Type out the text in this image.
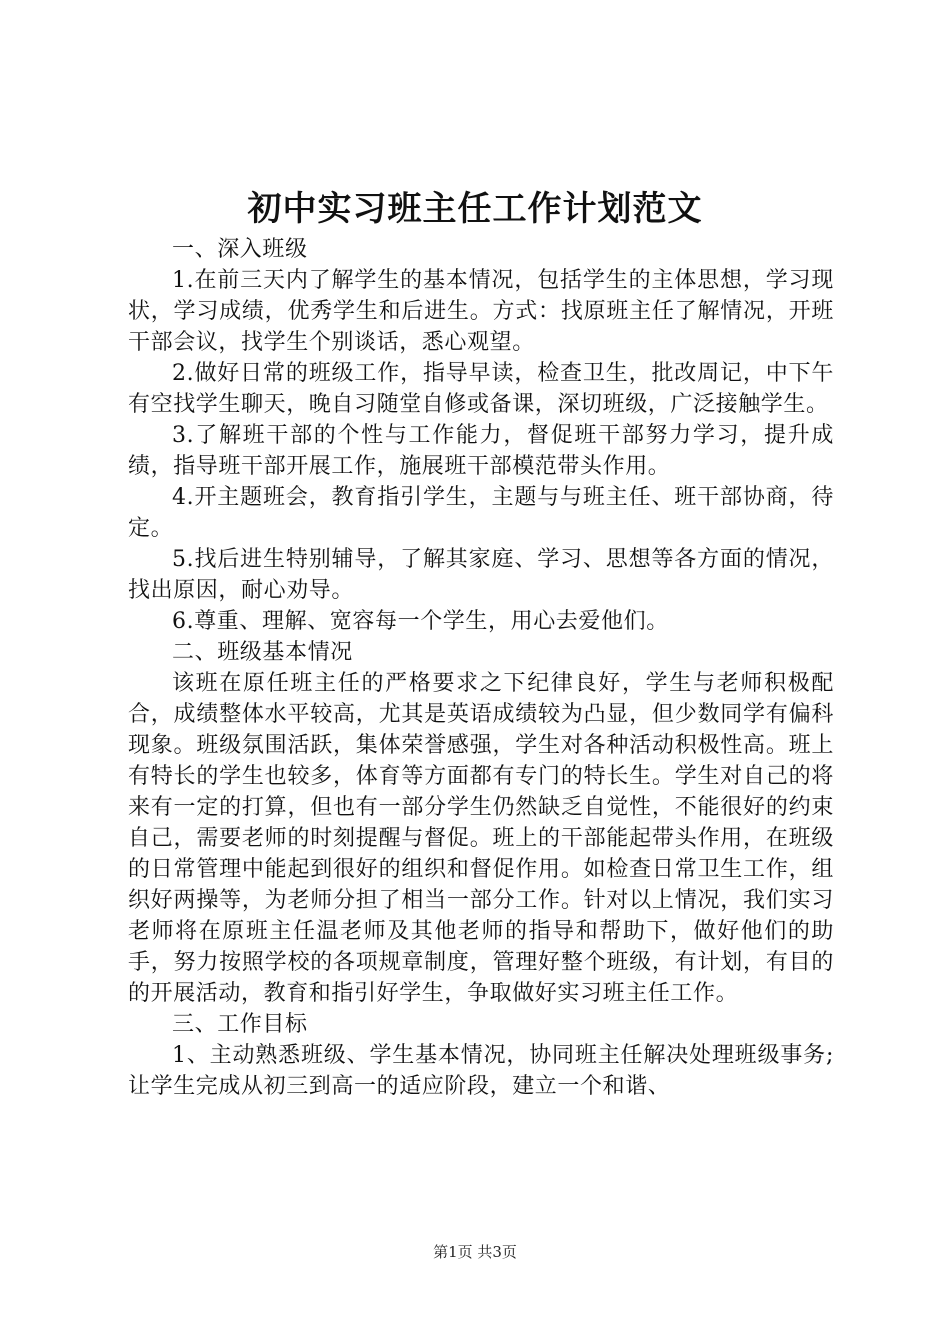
初中实习班主任工作计划范文

一、深入班级

1.在前三天内了解学生的基本情况，包括学生的主体思想，学习现状，学习成绩，优秀学生和后进生。方式：找原班主任了解情况，开班干部会议，找学生个别谈话，悉心观望。

2.做好日常的班级工作，指导早读，检查卫生，批改周记，中下午有空找学生聊天，晚自习随堂自修或备课，深切班级，广泛接触学生。

3.了解班干部的个性与工作能力，督促班干部努力学习，提升成绩，指导班干部开展工作，施展班干部模范带头作用。

4.开主题班会，教育指引学生，主题与与班主任、班干部协商，待定。

5.找后进生特别辅导，了解其家庭、学习、思想等各方面的情况，找出原因，耐心劝导。

6.尊重、理解、宽容每一个学生，用心去爱他们。

二、班级基本情况

该班在原任班主任的严格要求之下纪律良好，学生与老师积极配合，成绩整体水平较高，尤其是英语成绩较为凸显，但少数同学有偏科现象。班级氛围活跃，集体荣誉感强，学生对各种活动积极性高。班上有特长的学生也较多，体育等方面都有专门的特长生。学生对自己的将来有一定的打算，但也有一部分学生仍然缺乏自觉性，不能很好的约束自己，需要老师的时刻提醒与督促。班上的干部能起带头作用，在班级的日常管理中能起到很好的组织和督促作用。如检查日常卫生工作，组织好两操等，为老师分担了相当一部分工作。针对以上情况，我们实习老师将在原班主任温老师及其他老师的指导和帮助下，做好他们的助手，努力按照学校的各项规章制度，管理好整个班级，有计划，有目的的开展活动，教育和指引好学生，争取做好实习班主任工作。

三、工作目标

1、主动熟悉班级、学生基本情况，协同班主任解决处理班级事务;让学生完成从初三到高一的适应阶段，建立一个和谐、

第1页 共3页
